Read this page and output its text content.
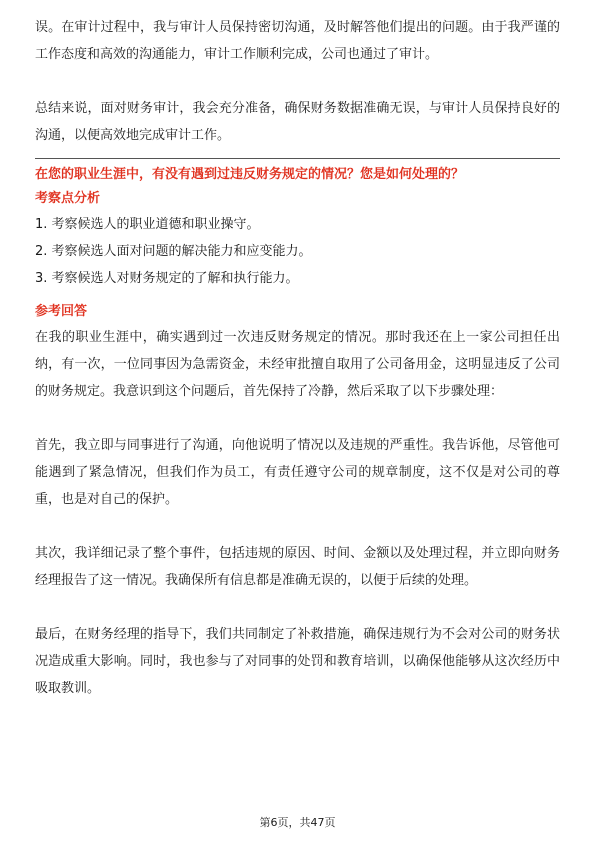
误。在审计过程中，我与审计人员保持密切沟通，及时解答他们提出的问题。由于我严谨的工作态度和高效的沟通能力，审计工作顺利完成，公司也通过了审计。

总结来说，面对财务审计，我会充分准备，确保财务数据准确无误，与审计人员保持良好的沟通，以便高效地完成审计工作。

在您的职业生涯中，有没有遇到过违反财务规定的情况？您是如何处理的？
考察点分析
1. 考察候选人的职业道德和职业操守。
2. 考察候选人面对问题的解决能力和应变能力。
3. 考察候选人对财务规定的了解和执行能力。
参考回答

在我的职业生涯中，确实遇到过一次违反财务规定的情况。那时我还在上一家公司担任出纳，有一次，一位同事因为急需资金，未经审批擅自取用了公司备用金，这明显违反了公司的财务规定。我意识到这个问题后，首先保持了冷静，然后采取了以下步骤处理：

首先，我立即与同事进行了沟通，向他说明了情况以及违规的严重性。我告诉他，尽管他可能遇到了紧急情况，但我们作为员工，有责任遵守公司的规章制度，这不仅是对公司的尊重，也是对自己的保护。

其次，我详细记录了整个事件，包括违规的原因、时间、金额以及处理过程，并立即向财务经理报告了这一情况。我确保所有信息都是准确无误的，以便于后续的处理。

最后，在财务经理的指导下，我们共同制定了补救措施，确保违规行为不会对公司的财务状况造成重大影响。同时，我也参与了对同事的处罚和教育培训，以确保他能够从这次经历中吸取教训。

第6页，共47页
